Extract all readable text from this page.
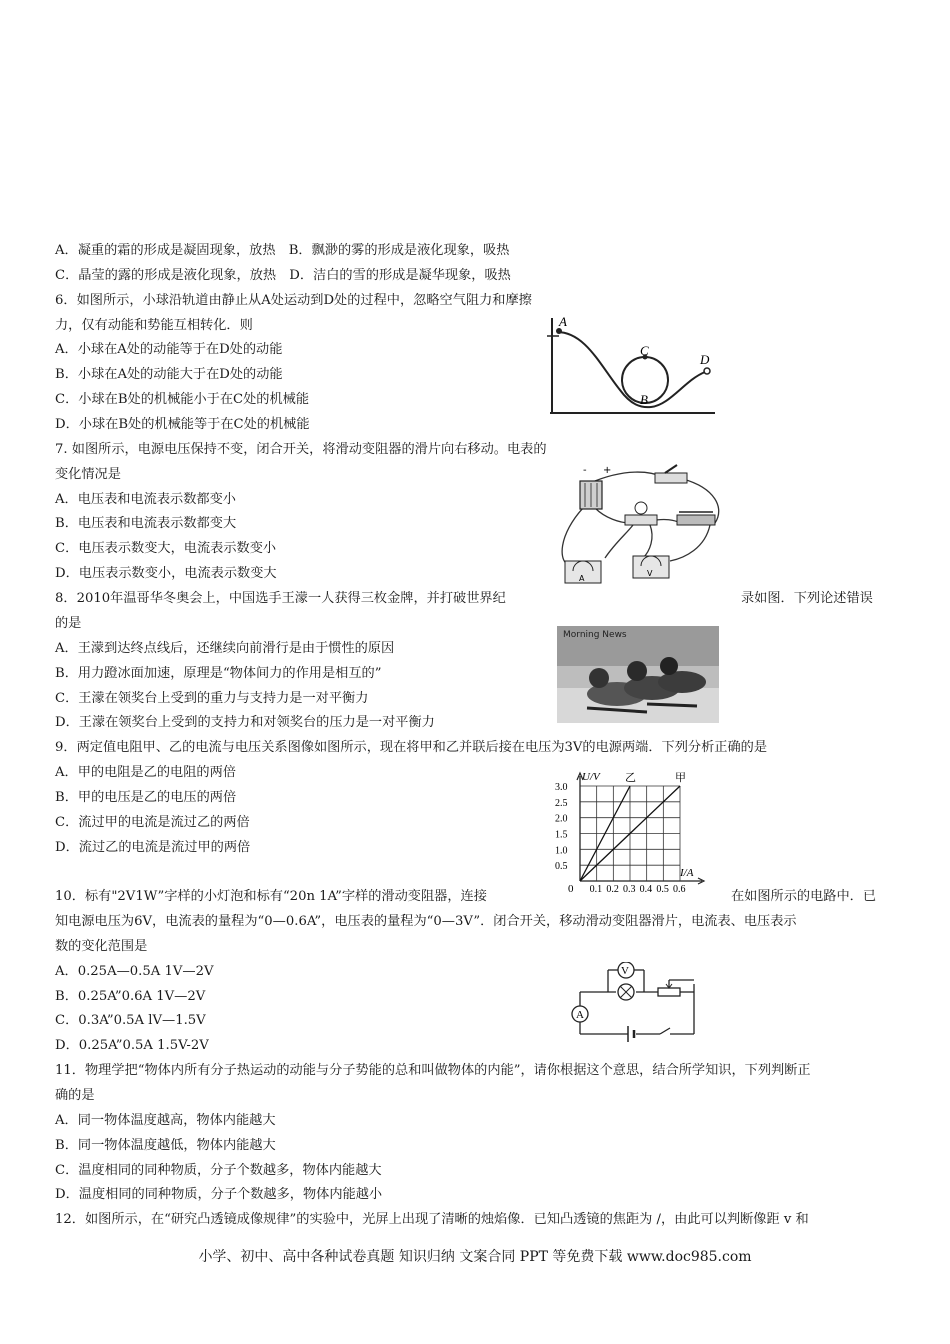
A．凝重的霜的形成是凝固现象，放热　B．飘渺的雾的形成是液化现象，吸热
C．晶莹的露的形成是液化现象，放热　D．洁白的雪的形成是凝华现象，吸热
6．如图所示，小球沿轨道由静止从A处运动到D处的过程中，忽略空气阻力和摩擦
力，仅有动能和势能互相转化．则
A．小球在A处的动能等于在D处的动能
B．小球在A处的动能大于在D处的动能
C．小球在B处的机械能小于在C处的机械能
D．小球在B处的机械能等于在C处的机械能
A
C
B
D
7. 如图所示，电源电压保持不变，闭合开关，将滑动变阻器的滑片向右移动。电表的
变化情况是
A．电压表和电流表示数都变小
B．电压表和电流表示数都变大
C．电压表示数变大，电流表示数变小
D．电压表示数变小，电流表示数变大
- +
A
V
8．2010年温哥华冬奥会上，中国选手王濛一人获得三枚金牌，并打破世界纪	录如图．下列论述错误
的是
A．王濛到达终点线后，还继续向前滑行是由于惯性的原因
B．用力蹬冰面加速，原理是“物体间力的作用是相互的”
C．王濛在领奖台上受到的重力与支持力是一对平衡力
D．王濛在领奖台上受到的支持力和对领奖台的压力是一对平衡力
Morning News
9．两定值电阻甲、乙的电流与电压关系图像如图所示，现在将甲和乙并联后接在电压为3V的电源两端．下列分析正确的是
A．甲的电阻是乙的电阻的两倍
B．甲的电压是乙的电压的两倍
C．流过甲的电流是流过乙的两倍
D．流过乙的电流是流过甲的两倍
0.1 0.2 0.3 0.4 0.5 0.6
0.5
1.0
1.5
2.0
2.5
3.0
乙	甲
U/V
I/A
0
10．标有"2V1W”字样的小灯泡和标有“20n 1A”字样的滑动变阻器，连接	在如图所示的电路中．已
知电源电压为6V，电流表的量程为“0—0.6A”，电压表的量程为“0—3V”．闭合开关，移动滑动变阻器滑片，电流表、电压表示
数的变化范围是
A．0.25A—0.5A 1V—2V
B．0.25A”0.6A 1V—2V
C．0.3A”0.5A lV—1.5V
D．0.25A”0.5A 1.5V-2V
V
A
11．物理学把“物体内所有分子热运动的动能与分子势能的总和叫做物体的内能”，请你根据这个意思，结合所学知识，下列判断正
确的是
A．同一物体温度越高，物体内能越大
B．同一物体温度越低，物体内能越大
C．温度相同的同种物质，分子个数越多，物体内能越大
D．温度相同的同种物质，分子个数越多，物体内能越小
12．如图所示，在“研究凸透镜成像规律”的实验中，光屏上出现了清晰的烛焰像．已知凸透镜的焦距为 /，由此可以判断像距 v 和
小学、初中、高中各种试卷真题 知识归纳 文案合同 PPT 等免费下载 www.doc985.com
